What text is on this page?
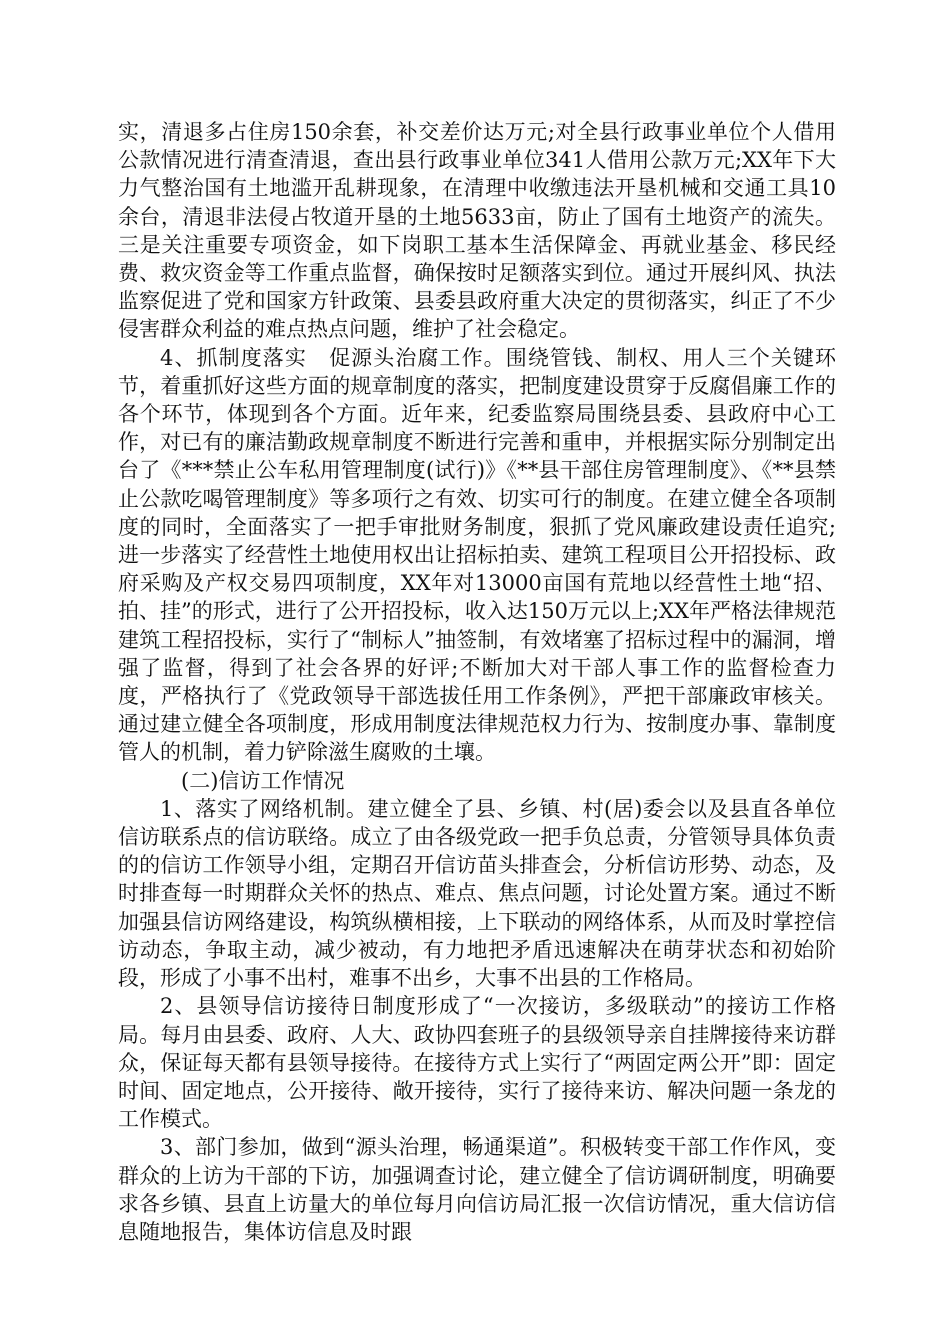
实，清退多占住房150余套，补交差价达万元;对全县行政事业单位个人借用公款情况进行清查清退，查出县行政事业单位341人借用公款万元;XX年下大力气整治国有土地滥开乱耕现象，在清理中收缴违法开垦机械和交通工具10余台，清退非法侵占牧道开垦的土地5633亩，防止了国有土地资产的流失。三是关注重要专项资金，如下岗职工基本生活保障金、再就业基金、移民经费、救灾资金等工作重点监督，确保按时足额落实到位。通过开展纠风、执法监察促进了党和国家方针政策、县委县政府重大决定的贯彻落实，纠正了不少侵害群众利益的难点热点问题，维护了社会稳定。

4、抓制度落实　促源头治腐工作。围绕管钱、制权、用人三个关键环节，着重抓好这些方面的规章制度的落实，把制度建设贯穿于反腐倡廉工作的各个环节，体现到各个方面。近年来，纪委监察局围绕县委、县政府中心工作，对已有的廉洁勤政规章制度不断进行完善和重申，并根据实际分别制定出台了《***禁止公车私用管理制度(试行)》《**县干部住房管理制度》、《**县禁止公款吃喝管理制度》等多项行之有效、切实可行的制度。在建立健全各项制度的同时，全面落实了一把手审批财务制度，狠抓了党风廉政建设责任追究;进一步落实了经营性土地使用权出让招标拍卖、建筑工程项目公开招投标、政府采购及产权交易四项制度，XX年对13000亩国有荒地以经营性土地“招、拍、挂”的形式，进行了公开招投标，收入达150万元以上;XX年严格法律规范建筑工程招投标，实行了“制标人”抽签制，有效堵塞了招标过程中的漏洞，增强了监督，得到了社会各界的好评;不断加大对干部人事工作的监督检查力度，严格执行了《党政领导干部选拔任用工作条例》，严把干部廉政审核关。通过建立健全各项制度，形成用制度法律规范权力行为、按制度办事、靠制度管人的机制，着力铲除滋生腐败的土壤。

(二)信访工作情况

1、落实了网络机制。建立健全了县、乡镇、村(居)委会以及县直各单位信访联系点的信访联络。成立了由各级党政一把手负总责，分管领导具体负责的的信访工作领导小组，定期召开信访苗头排查会，分析信访形势、动态，及时排查每一时期群众关怀的热点、难点、焦点问题，讨论处置方案。通过不断加强县信访网络建设，构筑纵横相接，上下联动的网络体系，从而及时掌控信访动态，争取主动，减少被动，有力地把矛盾迅速解决在萌芽状态和初始阶段，形成了小事不出村，难事不出乡，大事不出县的工作格局。

2、县领导信访接待日制度形成了“一次接访，多级联动”的接访工作格局。每月由县委、政府、人大、政协四套班子的县级领导亲自挂牌接待来访群众，保证每天都有县领导接待。在接待方式上实行了“两固定两公开”即：固定时间、固定地点，公开接待、敞开接待，实行了接待来访、解决问题一条龙的工作模式。

3、部门参加，做到“源头治理，畅通渠道”。积极转变干部工作作风，变群众的上访为干部的下访，加强调查讨论，建立健全了信访调研制度，明确要求各乡镇、县直上访量大的单位每月向信访局汇报一次信访情况，重大信访信息随地报告，集体访信息及时跟
